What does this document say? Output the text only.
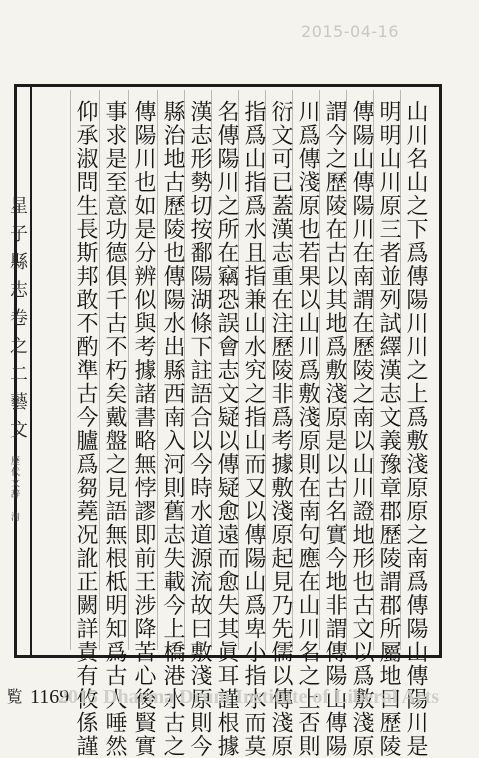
2015-04-16
山川名山之下爲傳陽川川之上爲敷淺原原之南爲傳陽山傳陽川是
明明山川原三者並列試繹漢志文義豫章郡歷陵謂郡所屬地曰歷陵
傳陽山傳陽川在南謂在歷陵之南以山川證地形也古文以爲敷淺原
謂今之歷陵在古以其地爲敷淺原是以古名實今地非謂傳陽山傳陽
川爲傳淺原也若果以山川爲敷淺原則在南句應在山川名之上否則
衍文可已蓋漢志重在注歷陵非爲考據敷淺原起見乃先儒以傳淺原
指爲山指爲水且指兼山水究之指山而又以傳陽山爲卑小指水而莫
名傳陽川之所在竊恐誤會志文疑以傳疑愈遠而愈失其眞耳謹根據
漢志形勢切按鄱陽湖條下註語合以今時水道源流故曰敷淺原則今
縣治地古歷陵也傳陽水出縣西南入河則舊志失載今上橋港水古之
傳陽川也如是分辨似與考據諸書略無悖謬即前王涉降苦心後賢實
事求是至意功德俱千古不朽矣戴盤之見語無根柢明知爲古人唾然
仰承淑問生長斯邦敢不酌準古今臚爲芻蕘况訛正闕詳責有攸係謹
星子縣志卷之二藝文
歷代文辞 清
覧 1169
2015 Dharma Drum Institute of Liberal Arts
